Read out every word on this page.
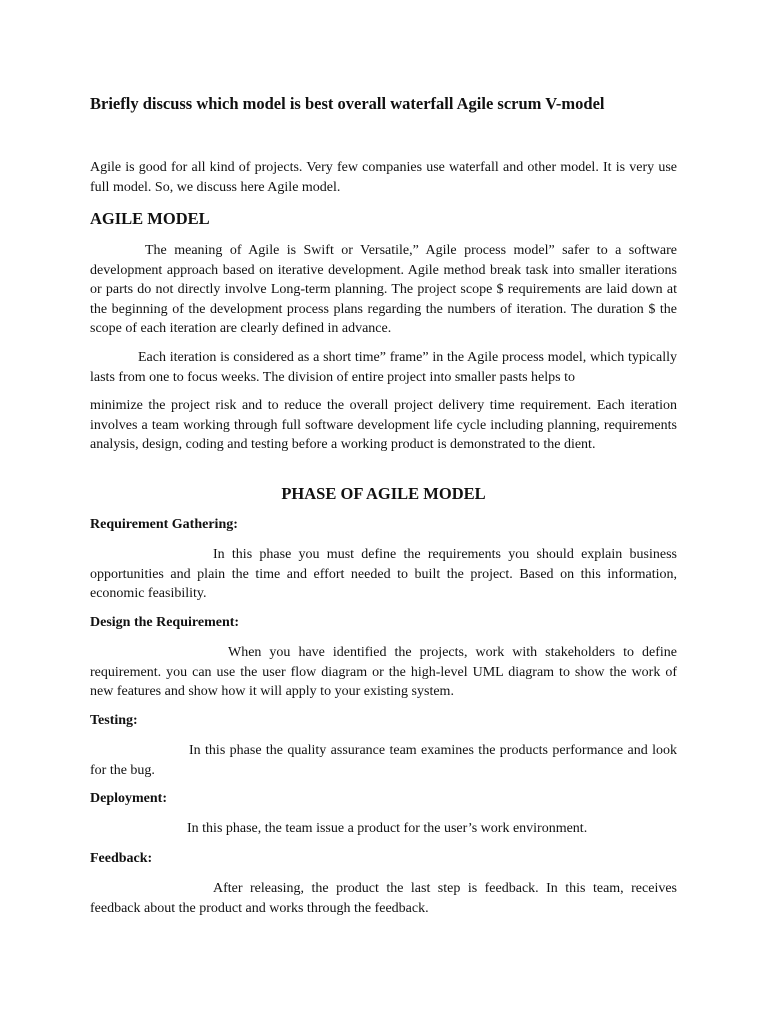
Briefly discuss which model is best overall waterfall Agile scrum V-model

Agile is good for all kind of projects. Very few companies use waterfall and other model. It is very use full model. So, we discuss here Agile model.

AGILE MODEL

The meaning of Agile is Swift or Versatile,” Agile process model” safer to a software development approach based on iterative development. Agile method break task into smaller iterations or parts do not directly involve Long-term planning. The project scope $ requirements are laid down at the beginning of the development process plans regarding the numbers of iteration. The duration $ the scope of each iteration are clearly defined in advance.

Each iteration is considered as a short time” frame” in the Agile process model, which typically lasts from one to focus weeks. The division of entire project into smaller pasts helps to

minimize the project risk and to reduce the overall project delivery time requirement. Each iteration involves a team working through full software development life cycle including planning, requirements analysis, design, coding and testing before a working product is demonstrated to the dient.

PHASE OF AGILE MODEL
Requirement Gathering:

In this phase you must define the requirements you should explain business opportunities and plain the time and effort needed to built the project. Based on this information, economic feasibility.

Design the Requirement:

When you have identified the projects, work with stakeholders to define requirement. you can use the user flow diagram or the high-level UML diagram to show the work of new features and show how it will apply to your existing system.

Testing:

In this phase the quality assurance team examines the products performance and look for the bug.

Deployment:

In this phase, the team issue a product for the user’s work environment.

Feedback:

After releasing, the product the last step is feedback. In this team, receives feedback about the product and works through the feedback.
